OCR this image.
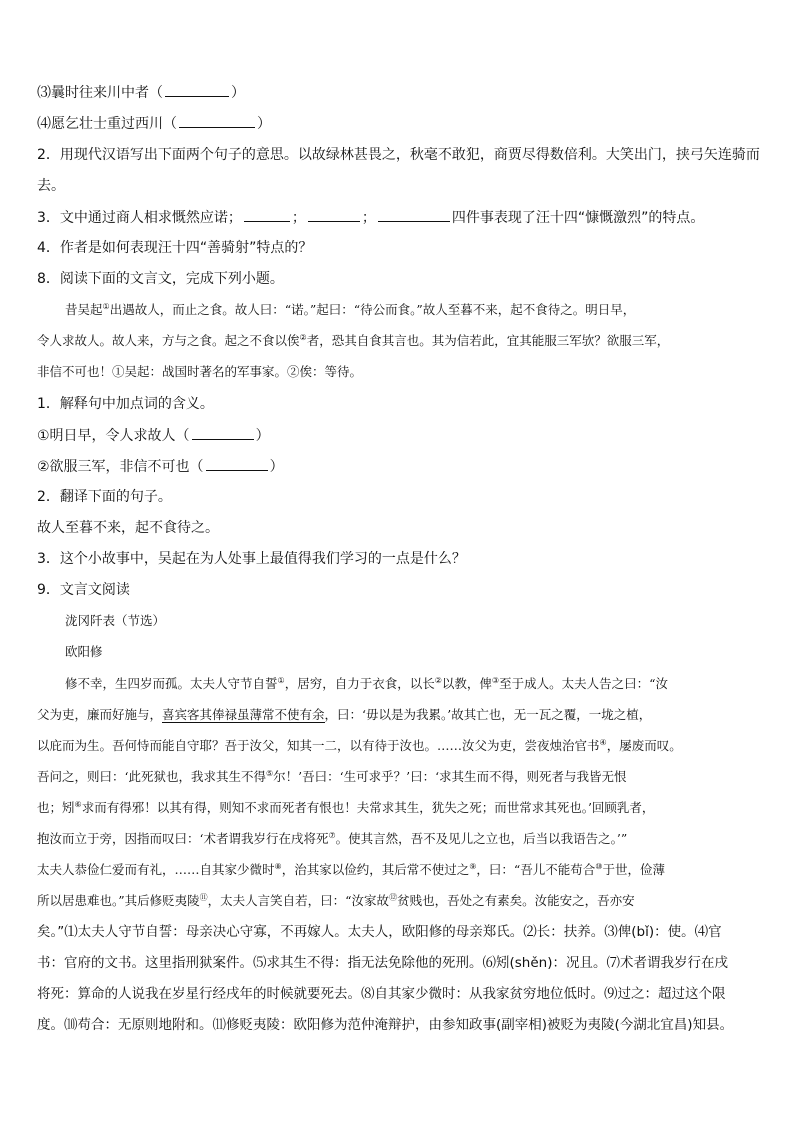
⑶曩时往来川中者（	）
⑷愿乞壮士重过西川（	）
2．用现代汉语写出下面两个句子的意思。以故绿林甚畏之，秋毫不敢犯，商贾尽得数倍利。大笑出门，挟弓矢连骑而
去。
3．文中通过商人相求慨然应诺；	；	；	四件事表现了汪十四“慷慨激烈”的特点。
4．作者是如何表现汪十四“善骑射”特点的？
8．阅读下面的文言文，完成下列小题。
昔吴起①出遇故人，而止之食。故人曰：“诺。”起曰：“待公而食。”故人至暮不来，起不食待之。明日早，
令人求故人。故人来，方与之食。起之不食以俟②者，恐其自食其言也。其为信若此，宜其能服三军欤？欲服三军，
非信不可也！①吴起：战国时著名的军事家。②俟：等待。
1．解释句中加点词的含义。
①明日早，令人求故人（	）
②欲服三军，非信不可也（	）
2．翻译下面的句子。
故人至暮不来，起不食待之。
3．这个小故事中，吴起在为人处事上最值得我们学习的一点是什么？
9．文言文阅读
泷冈阡表（节选）
欧阳修
修不幸，生四岁而孤。太夫人守节自誓①，居穷，自力于衣食，以长②以教，俾③至于成人。太夫人告之曰：“汝
父为吏，廉而好施与，喜宾客其俸禄虽薄常不使有余，曰：‘毋以是为我累。’故其亡也，无一瓦之覆，一垅之植，
以庇而为生。吾何恃而能自守耶？吾于汝父，知其一二，以有待于汝也。……汝父为吏，尝夜烛治官书④，屡废而叹。
吾问之，则曰：‘此死狱也，我求其生不得⑤尔！’吾曰：‘生可求乎？’曰：‘求其生而不得，则死者与我皆无恨
也；矧⑥求而有得邪！以其有得，则知不求而死者有恨也！夫常求其生，犹失之死；而世常求其死也。’回顾乳者，
抱汝而立于旁，因指而叹曰：‘术者谓我岁行在戌将死⑦。使其言然，吾不及见儿之立也，后当以我语告之。’”
太夫人恭俭仁爱而有礼，……自其家少微时⑧，治其家以俭约，其后常不使过之⑨，曰：“吾儿不能苟合⑩于世，俭薄
所以居患难也。”其后修贬夷陵⑪，太夫人言笑自若，曰：“汝家故⑫贫贱也，吾处之有素矣。汝能安之，吾亦安
矣。”⑴太夫人守节自誓：母亲决心守寡，不再嫁人。太夫人，欧阳修的母亲郑氏。⑵长：扶养。⑶俾(bǐ)：使。⑷官
书：官府的文书。这里指刑狱案件。⑸求其生不得：指无法免除他的死刑。⑹矧(shěn)：况且。⑺术者谓我岁行在戌
将死：算命的人说我在岁星行经戌年的时候就要死去。⑻自其家少微时：从我家贫穷地位低时。⑼过之：超过这个限
度。⑽苟合：无原则地附和。⑾修贬夷陵：欧阳修为范仲淹辩护，由参知政事(副宰相)被贬为夷陵(今湖北宜昌)知县。
